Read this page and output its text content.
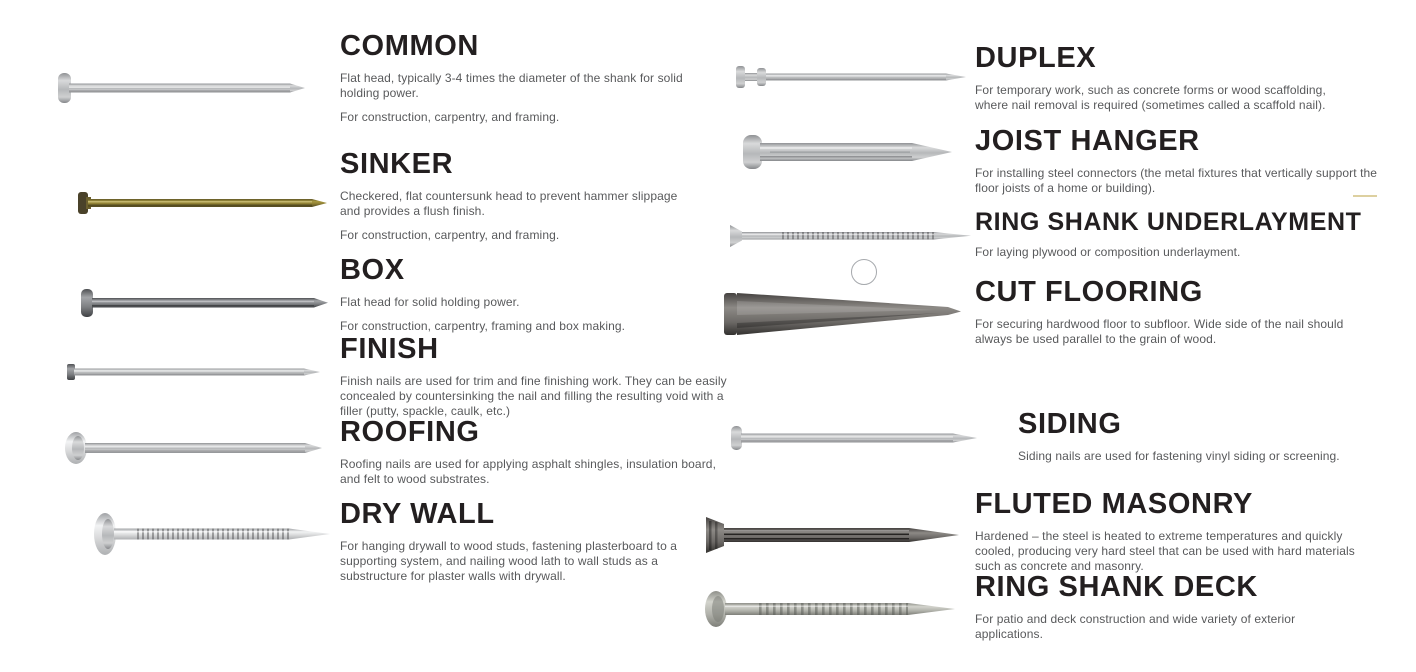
COMMON

Flat head, typically 3-4 times the diameter of the shank for solid holding power.

For construction, carpentry, and framing.

SINKER

Checkered, flat countersunk head to prevent hammer slippage and provides a flush finish.

For construction, carpentry, and framing.

BOX

Flat head for solid holding power.

For construction, carpentry, framing and box making.

FINISH

Finish nails are used for trim and fine finishing work. They can be easily concealed by countersinking the nail and filling the resulting void with a filler (putty, spackle, caulk, etc.)

ROOFING

Roofing nails are used for applying asphalt shingles, insulation board, and felt to wood substrates.

DRY WALL

For hanging drywall to wood studs, fastening plasterboard to a supporting system, and nailing wood lath to wall studs as a substructure for plaster walls with drywall.

DUPLEX

For temporary work, such as concrete forms or wood scaffolding, where nail removal is required (sometimes called a scaffold nail).

JOIST HANGER

For installing steel connectors (the metal fixtures that vertically support the floor joists of a home or building).

RING SHANK UNDERLAYMENT

For laying plywood or composition underlayment.

CUT FLOORING

For securing hardwood floor to subfloor. Wide side of the nail should always be used parallel to the grain of wood.

SIDING

Siding nails are used for fastening vinyl siding or screening.

FLUTED MASONRY

Hardened – the steel is heated to extreme temperatures and quickly cooled, producing very hard steel that can be used with hard materials such as concrete and masonry.

RING SHANK DECK

For patio and deck construction and wide variety of exterior applications.
